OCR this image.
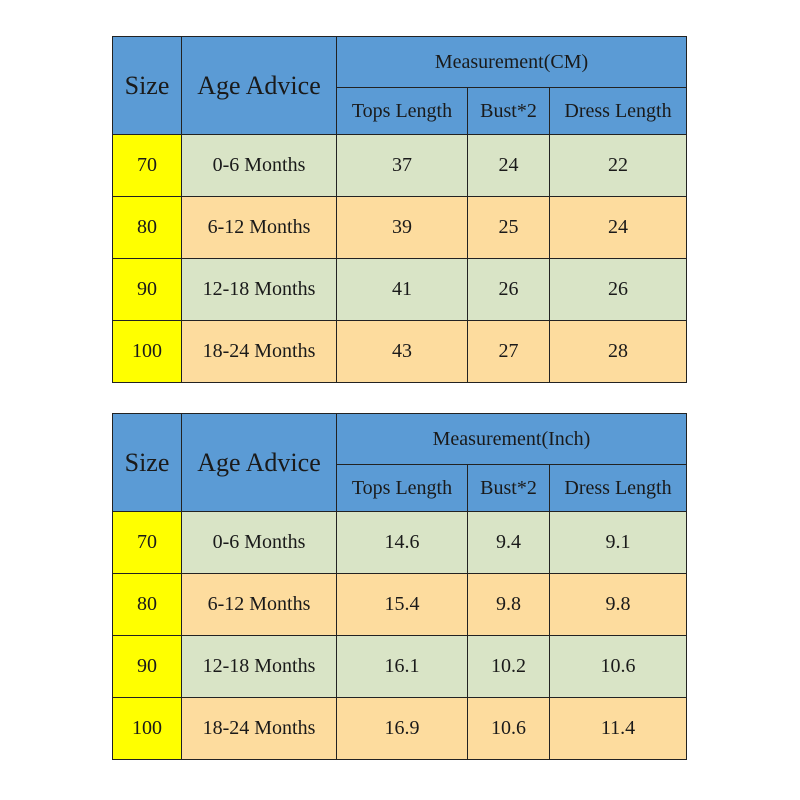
Size	Age Advice	Measurement(CM)		
		Tops Length	Bust*2	Dress Length
70	0-6 Months	37	24	22
80	6-12 Months	39	25	24
90	12-18 Months	41	26	26
100	18-24 Months	43	27	28
Size	Age Advice	Measurement(Inch)		
		Tops Length	Bust*2	Dress Length
70	0-6 Months	14.6	9.4	9.1
80	6-12 Months	15.4	9.8	9.8
90	12-18 Months	16.1	10.2	10.6
100	18-24 Months	16.9	10.6	11.4
